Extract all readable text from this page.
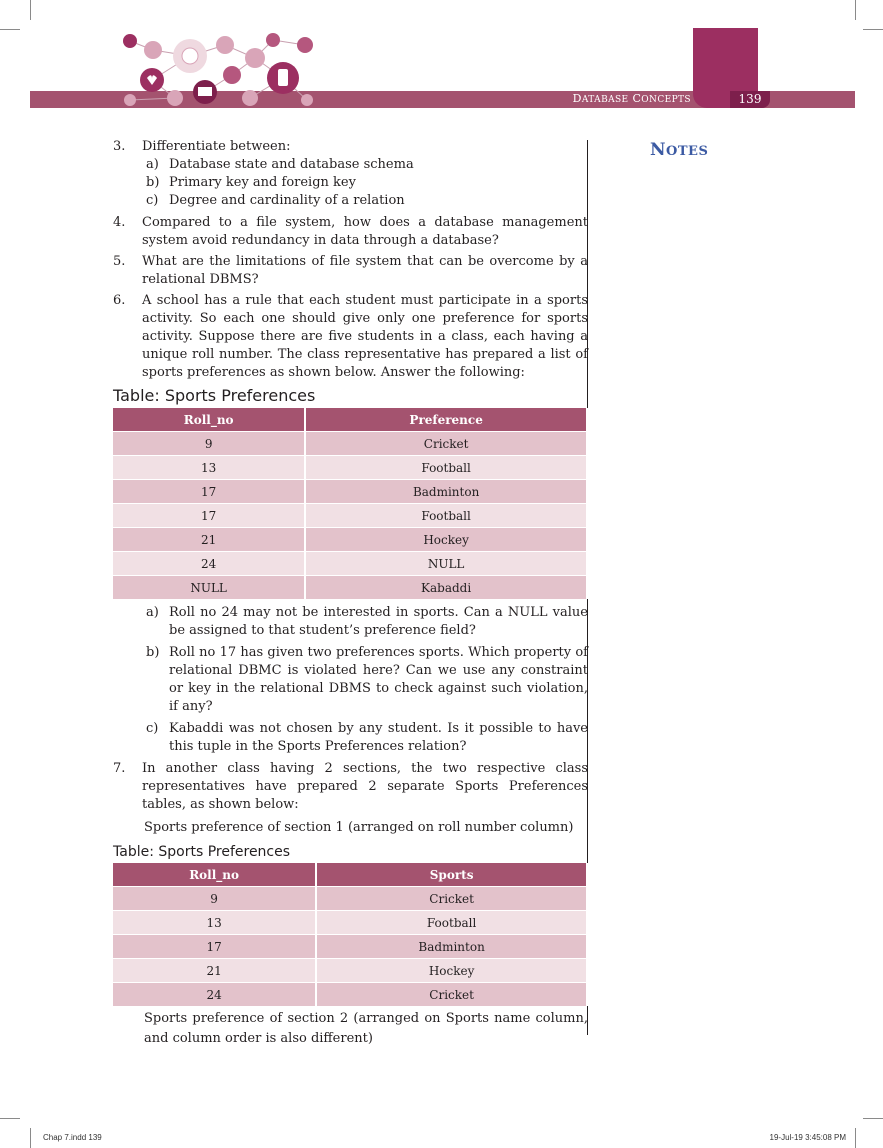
DATABASE CONCEPTS	139
NOTES
3. Differentiate between:
a) Database state and database schema
b) Primary key and foreign key
c) Degree and cardinality of a relation
4. Compared to a file system, how does a database management system avoid redundancy in data through a database?
5. What are the limitations of file system that can be overcome by a relational DBMS?
6. A school has a rule that each student must participate in a sports activity. So each one should give only one preference for sports activity. Suppose there are five students in a class, each having a unique roll number. The class representative has prepared a list of sports preferences as shown below. Answer the following:
Table: Sports Preferences
Roll_no	Preference
9	Cricket
13	Football
17	Badminton
17	Football
21	Hockey
24	NULL
NULL	Kabaddi
a) Roll no 24 may not be interested in sports. Can a NULL value be assigned to that student’s preference field?
b) Roll no 17 has given two preferences sports. Which property of relational DBMC is violated here? Can we use any constraint or key in the relational DBMS to check against such violation, if any?
c) Kabaddi was not chosen by any student. Is it possible to have this tuple in the Sports Preferences relation?
7. In another class having 2 sections, the two respective class representatives have prepared 2 separate Sports Preferences tables, as shown below:
Sports preference of section 1 (arranged on roll number column)
Table: Sports Preferences
Roll_no	Sports
9	Cricket
13	Football
17	Badminton
21	Hockey
24	Cricket
Sports preference of section 2 (arranged on Sports name column, and column order is also different)
Chap 7.indd 139	19-Jul-19 3:45:08 PM
